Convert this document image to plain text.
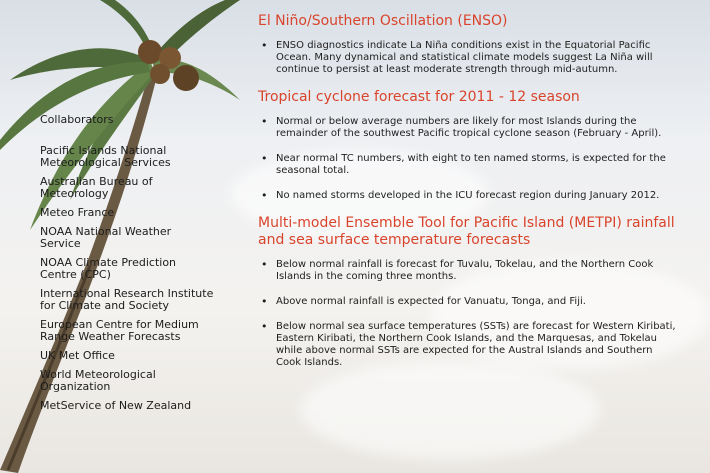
Collaborators
Pacific Islands National Meteorological Services
Australian Bureau of Meteorology
Meteo France
NOAA National Weather Service
NOAA Climate Prediction Centre (CPC)
International Research Institute for Climate and Society
European Centre for Medium Range Weather Forecasts
UK Met Office
World Meteorological Organization
MetService of New Zealand
El Niño/Southern Oscillation (ENSO)
• ENSO diagnostics indicate La Niña conditions exist in the Equatorial Pacific Ocean. Many dynamical and statistical climate models suggest La Niña will continue to persist at least moderate strength through mid-autumn.
Tropical cyclone forecast for 2011 - 12 season
• Normal or below average numbers are likely for most Islands during the remainder of the southwest Pacific tropical cyclone season (February - April).
• Near normal TC numbers, with eight to ten named storms, is expected for the seasonal total.
• No named storms developed in the ICU forecast region during January 2012.
Multi-model Ensemble Tool for Pacific Island (METPI) rainfall and sea surface temperature forecasts
• Below normal rainfall is forecast for Tuvalu, Tokelau, and the Northern Cook Islands in the coming three months.
• Above normal rainfall is expected for Vanuatu, Tonga, and Fiji.
• Below normal sea surface temperatures (SSTs) are forecast for Western Kiribati, Eastern Kiribati, the Northern Cook Islands, and the Marquesas, and Tokelau while above normal SSTs are expected for the Austral Islands and Southern Cook Islands.
